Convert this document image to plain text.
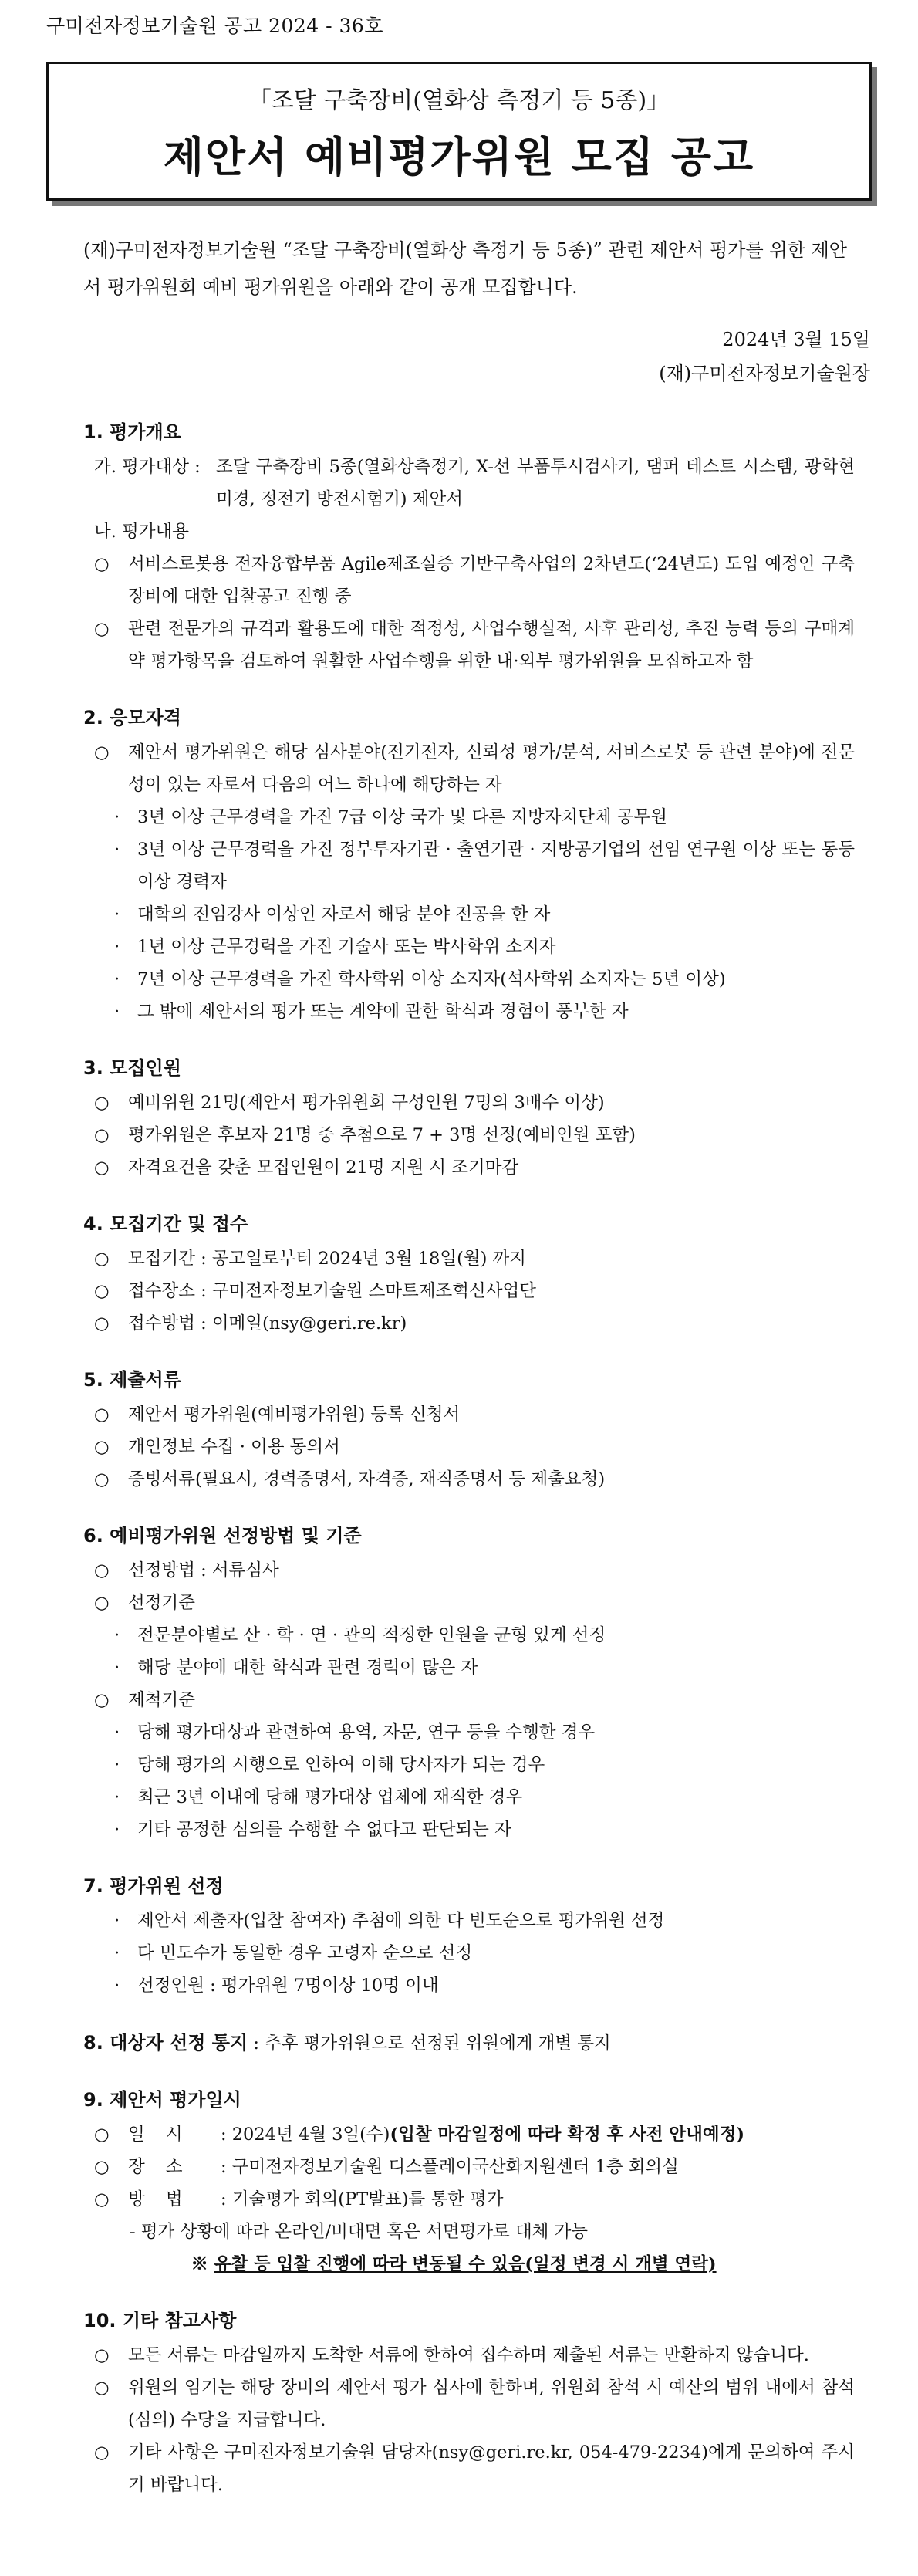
구미전자정보기술원 공고 2024 - 36호
「조달 구축장비(열화상 측정기 등 5종)」
제안서 예비평가위원 모집 공고
(재)구미전자정보기술원 “조달 구축장비(열화상 측정기 등 5종)” 관련 제안서 평가를 위한 제안서 평가위원회 예비 평가위원을 아래와 같이 공개 모집합니다.
2024년 3월 15일
(재)구미전자정보기술원장
1. 평가개요
가. 평가대상 : 조달 구축장비 5종(열화상측정기, X-선 부품투시검사기, 댐퍼 테스트 시스템, 광학현미경, 정전기 방전시험기) 제안서
나. 평가내용
○	서비스로봇용 전자융합부품 Agile제조실증 기반구축사업의 2차년도(‘24년도) 도입 예정인 구축 장비에 대한 입찰공고 진행 중
○	관련 전문가의 규격과 활용도에 대한 적정성, 사업수행실적, 사후 관리성, 추진 능력 등의 구매계약 평가항목을 검토하여 원활한 사업수행을 위한 내·외부 평가위원을 모집하고자 함
2. 응모자격
○	제안서 평가위원은 해당 심사분야(전기전자, 신뢰성 평가/분석, 서비스로봇 등 관련 분야)에 전문성이 있는 자로서 다음의 어느 하나에 해당하는 자
·	3년 이상 근무경력을 가진 7급 이상 국가 및 다른 지방자치단체 공무원
·	3년 이상 근무경력을 가진 정부투자기관 · 출연기관 · 지방공기업의 선임 연구원 이상 또는 동등 이상 경력자
·	대학의 전임강사 이상인 자로서 해당 분야 전공을 한 자
·	1년 이상 근무경력을 가진 기술사 또는 박사학위 소지자
·	7년 이상 근무경력을 가진 학사학위 이상 소지자(석사학위 소지자는 5년 이상)
·	그 밖에 제안서의 평가 또는 계약에 관한 학식과 경험이 풍부한 자
3. 모집인원
○	예비위원 21명(제안서 평가위원회 구성인원 7명의 3배수 이상)
○	평가위원은 후보자 21명 중 추첨으로 7 + 3명 선정(예비인원 포함)
○	자격요건을 갖춘 모집인원이 21명 지원 시 조기마감
4. 모집기간 및 접수
○	모집기간 : 공고일로부터 2024년 3월 18일(월) 까지
○	접수장소 : 구미전자정보기술원 스마트제조혁신사업단
○	접수방법 : 이메일(nsy@geri.re.kr)
5. 제출서류
○	제안서 평가위원(예비평가위원) 등록 신청서
○	개인정보 수집 · 이용 동의서
○	증빙서류(필요시, 경력증명서, 자격증, 재직증명서 등 제출요청)
6. 예비평가위원 선정방법 및 기준
○	선정방법 : 서류심사
○	선정기준
·	전문분야별로 산 · 학 · 연 · 관의 적정한 인원을 균형 있게 선정
·	해당 분야에 대한 학식과 관련 경력이 많은 자
○	제척기준
·	당해 평가대상과 관련하여 용역, 자문, 연구 등을 수행한 경우
·	당해 평가의 시행으로 인하여 이해 당사자가 되는 경우
·	최근 3년 이내에 당해 평가대상 업체에 재직한 경우
·	기타 공정한 심의를 수행할 수 없다고 판단되는 자
7. 평가위원 선정
·	제안서 제출자(입찰 참여자) 추첨에 의한 다 빈도순으로 평가위원 선정
·	다 빈도수가 동일한 경우 고령자 순으로 선정
·	선정인원 : 평가위원 7명이상 10명 이내
8. 대상자 선정 통지 : 추후 평가위원으로 선정된 위원에게 개별 통지
9. 제안서 평가일시
○	일 시	: 2024년 4월 3일(수)(입찰 마감일정에 따라 확정 후 사전 안내예정)
○	장 소	: 구미전자정보기술원 디스플레이국산화지원센터 1층 회의실
○	방 법	: 기술평가 회의(PT발표)를 통한 평가
- 평가 상황에 따라 온라인/비대면 혹은 서면평가로 대체 가능
※ 유찰 등 입찰 진행에 따라 변동될 수 있음(일정 변경 시 개별 연락)
10. 기타 참고사항
○	모든 서류는 마감일까지 도착한 서류에 한하여 접수하며 제출된 서류는 반환하지 않습니다.
○	위원의 임기는 해당 장비의 제안서 평가 심사에 한하며, 위원회 참석 시 예산의 범위 내에서 참석(심의) 수당을 지급합니다.
○	기타 사항은 구미전자정보기술원 담당자(nsy@geri.re.kr, 054-479-2234)에게 문의하여 주시기 바랍니다.
